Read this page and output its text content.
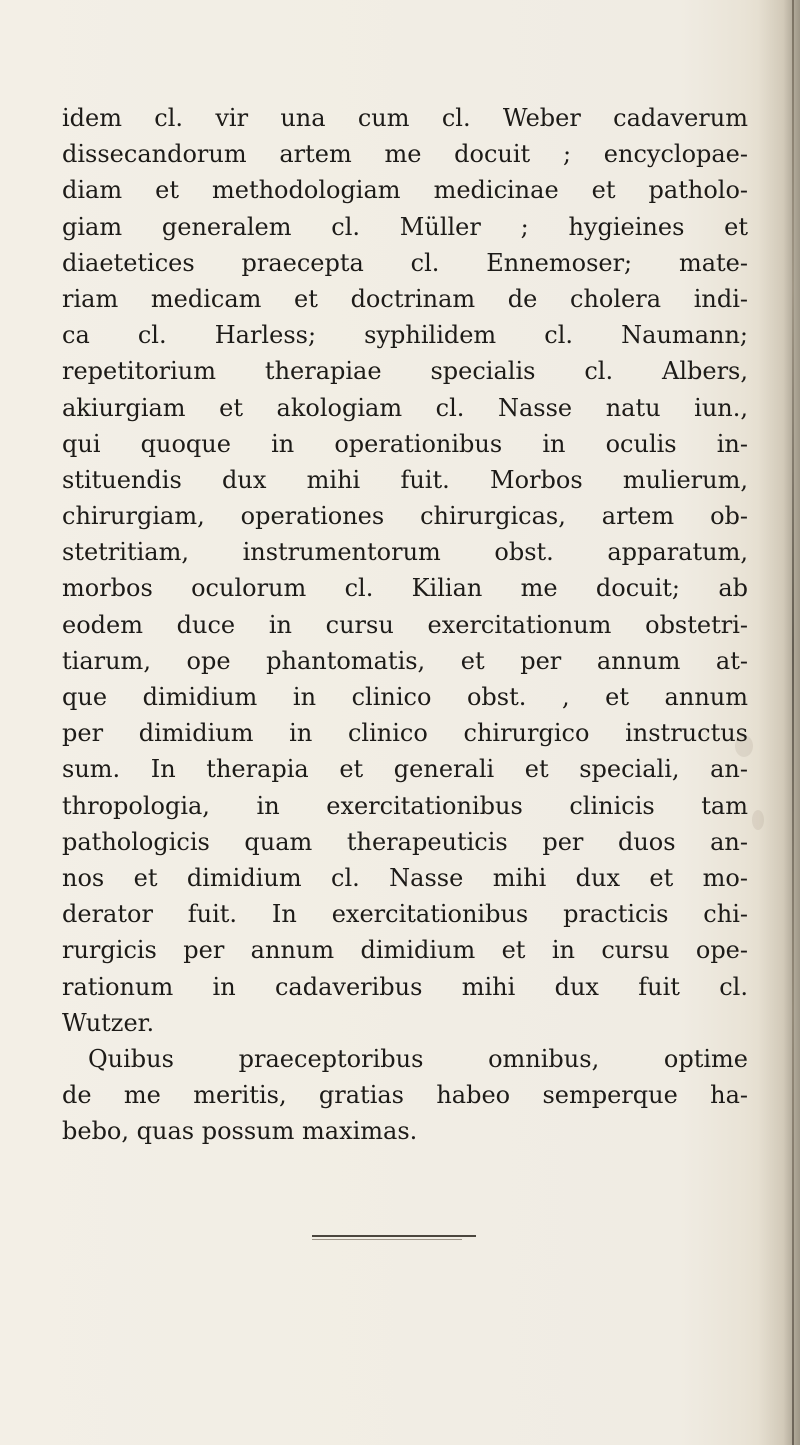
idem cl. vir una cum cl. Weber cadaverum
dissecandorum artem me docuit ; encyclopae-
diam et methodologiam medicinae et patholo-
giam generalem cl. Müller ; hygieines et
diaetetices praecepta cl. Ennemoser; mate-
riam medicam et doctrinam de cholera indi-
ca cl. Harless; syphilidem cl. Naumann;
repetitorium therapiae specialis cl. Albers,
akiurgiam et akologiam cl. Nasse natu iun.,
qui quoque in operationibus in oculis in-
stituendis dux mihi fuit. Morbos mulierum,
chirurgiam, operationes chirurgicas, artem ob-
stetritiam, instrumentorum obst. apparatum,
morbos oculorum cl. Kilian me docuit; ab
eodem duce in cursu exercitationum obstetri-
tiarum, ope phantomatis, et per annum at-
que dimidium in clinico obst. , et annum
per dimidium in clinico chirurgico instructus
sum. In therapia et generali et speciali, an-
thropologia, in exercitationibus clinicis tam
pathologicis quam therapeuticis per duos an-
nos et dimidium cl. Nasse mihi dux et mo-
derator fuit. In exercitationibus practicis chi-
rurgicis per annum dimidium et in cursu ope-
rationum in cadaveribus mihi dux fuit cl.
Wutzer.
Quibus praeceptoribus omnibus, optime
de me meritis, gratias habeo semperque ha-
bebo, quas possum maximas.
